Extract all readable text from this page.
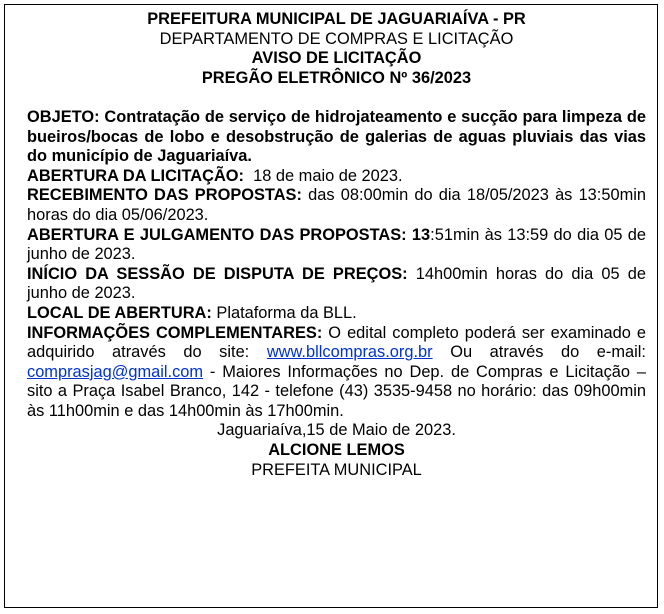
PREFEITURA MUNICIPAL DE JAGUARIAÍVA - PR
DEPARTAMENTO DE COMPRAS E LICITAÇÃO
AVISO DE LICITAÇÃO
PREGÃO ELETRÔNICO Nº 36/2023
OBJETO: Contratação de serviço de hidrojateamento e sucção para limpeza de bueiros/bocas de lobo e desobstrução de galerias de aguas pluviais das vias do município de Jaguariaíva.
ABERTURA DA LICITAÇÃO:  18 de maio de 2023.
RECEBIMENTO DAS PROPOSTAS: das 08:00min do dia 18/05/2023 às 13:50min horas do dia 05/06/2023.
ABERTURA E JULGAMENTO DAS PROPOSTAS: 13:51min às 13:59 do dia 05 de junho de 2023.
INÍCIO DA SESSÃO DE DISPUTA DE PREÇOS: 14h00min horas do dia 05 de junho de 2023.
LOCAL DE ABERTURA: Plataforma da BLL.
INFORMAÇÕES COMPLEMENTARES: O edital completo poderá ser examinado e adquirido através do site: www.bllcompras.org.br Ou através do e-mail: comprasjag@gmail.com - Maiores Informações no Dep. de Compras e Licitação – sito a Praça Isabel Branco, 142 - telefone (43) 3535-9458 no horário: das 09h00min às 11h00min e das 14h00min às 17h00min.
Jaguariaíva,15 de Maio de 2023.
ALCIONE LEMOS
PREFEITA MUNICIPAL
